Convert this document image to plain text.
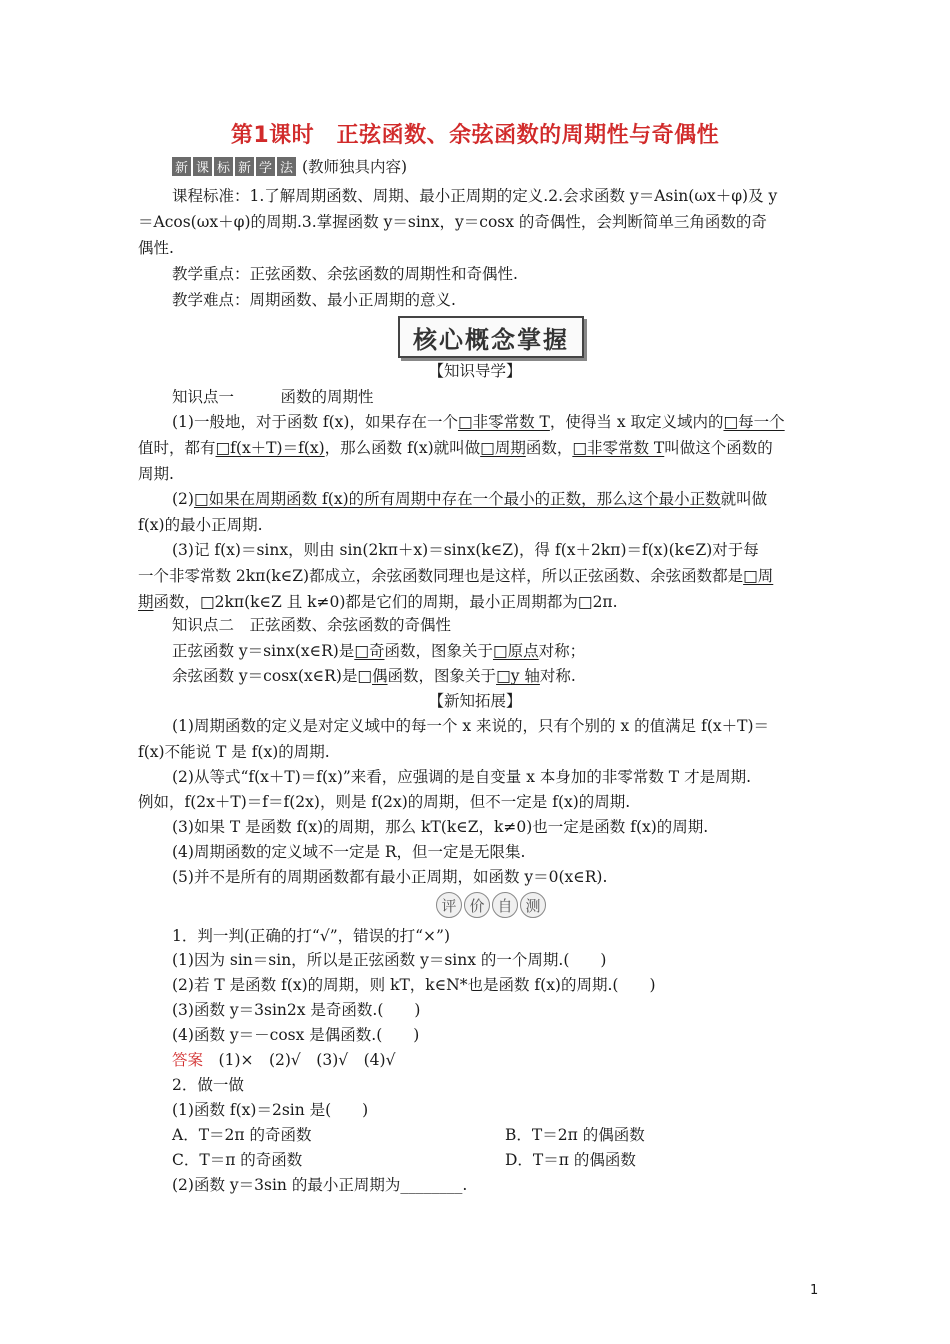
第1课时　正弦函数、余弦函数的周期性与奇偶性
新 课 标 新 学 法 (教师独具内容)
课程标准：1.了解周期函数、周期、最小正周期的定义.2.会求函数 y＝Asin(ωx＋φ)及 y
＝Acos(ωx＋φ)的周期.3.掌握函数 y＝sinx，y＝cosx 的奇偶性，会判断简单三角函数的奇
偶性.
教学重点：正弦函数、余弦函数的周期性和奇偶性.
教学难点：周期函数、最小正周期的意义.
核心概念掌握
【知识导学】
知识点一　　　函数的周期性
(1)一般地，对于函数 f(x)，如果存在一个□非零常数 T，使得当 x 取定义域内的□每一个
值时，都有□f(x＋T)＝f(x)，那么函数 f(x)就叫做□周期函数，□非零常数 T叫做这个函数的
周期.
(2)□如果在周期函数 f(x)的所有周期中存在一个最小的正数，那么这个最小正数就叫做
f(x)的最小正周期.
(3)记 f(x)＝sinx，则由 sin(2kπ＋x)＝sinx(k∈Z)，得 f(x＋2kπ)＝f(x)(k∈Z)对于每
一个非零常数 2kπ(k∈Z)都成立，余弦函数同理也是这样，所以正弦函数、余弦函数都是□周
期函数，□2kπ(k∈Z 且 k≠0)都是它们的周期，最小正周期都为□2π.
知识点二　正弦函数、余弦函数的奇偶性
正弦函数 y＝sinx(x∈R)是□奇函数，图象关于□原点对称；
余弦函数 y＝cosx(x∈R)是□偶函数，图象关于□y 轴对称.
【新知拓展】
(1)周期函数的定义是对定义域中的每一个 x 来说的，只有个别的 x 的值满足 f(x＋T)＝
f(x)不能说 T 是 f(x)的周期.
(2)从等式“f(x＋T)＝f(x)”来看，应强调的是自变量 x 本身加的非零常数 T 才是周期.
例如，f(2x＋T)＝f＝f(2x)，则是 f(2x)的周期，但不一定是 f(x)的周期.
(3)如果 T 是函数 f(x)的周期，那么 kT(k∈Z，k≠0)也一定是函数 f(x)的周期.
(4)周期函数的定义域不一定是 R，但一定是无限集.
(5)并不是所有的周期函数都有最小正周期，如函数 y＝0(x∈R).
评 价 自 测
1．判一判(正确的打“√”，错误的打“×”)
(1)因为 sin＝sin，所以是正弦函数 y＝sinx 的一个周期.(　　)
(2)若 T 是函数 f(x)的周期，则 kT，k∈N*也是函数 f(x)的周期.(　　)
(3)函数 y＝3sin2x 是奇函数.(　　)
(4)函数 y＝－cosx 是偶函数.(　　)
答案　 (1)×　(2)√　(3)√　(4)√
2．做一做
(1)函数 f(x)＝2sin 是(　　)
A．T＝2π 的奇函数	B．T＝2π 的偶函数
C．T＝π 的奇函数	D．T＝π 的偶函数
(2)函数 y＝3sin 的最小正周期为________.
1
